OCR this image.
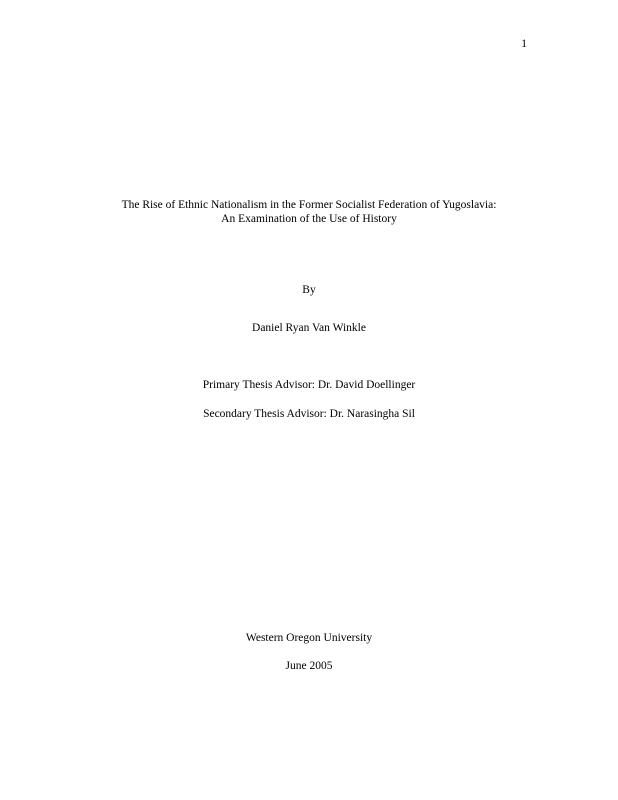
1
The Rise of Ethnic Nationalism in the Former Socialist Federation of Yugoslavia:
An Examination of the Use of History
By
Daniel Ryan Van Winkle
Primary Thesis Advisor: Dr. David Doellinger
Secondary Thesis Advisor: Dr. Narasingha Sil
Western Oregon University
June 2005
